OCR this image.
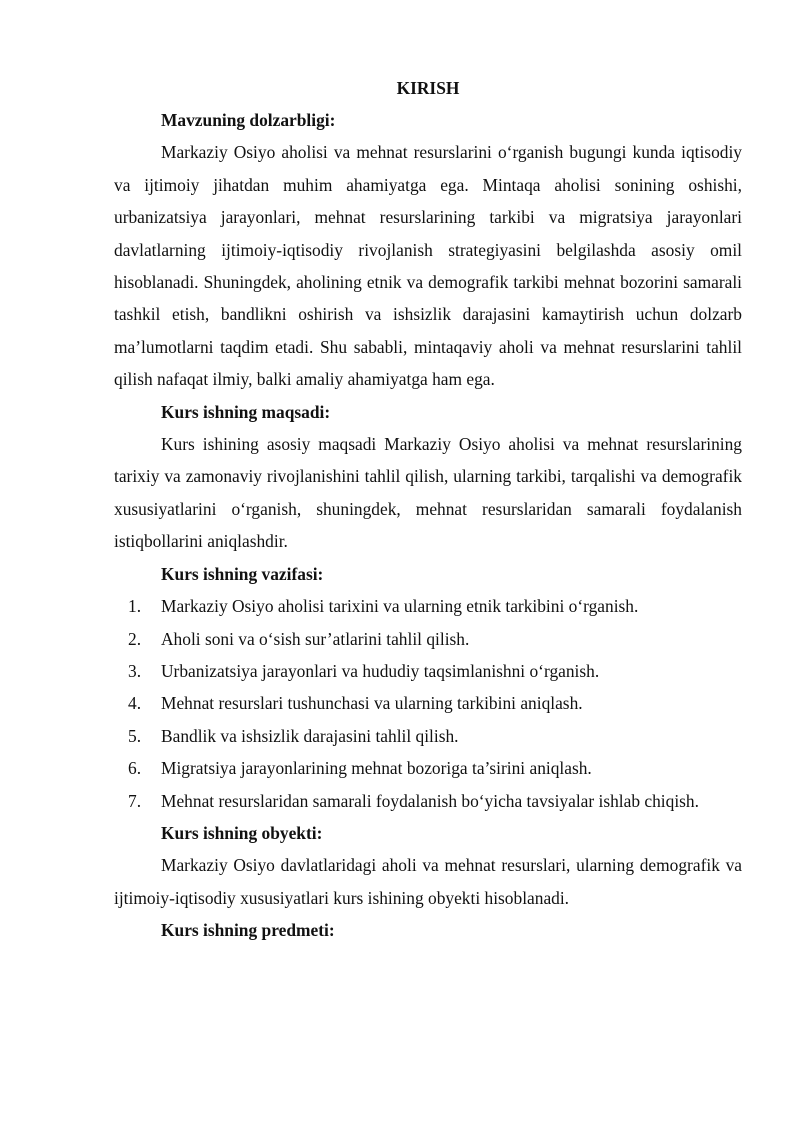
KIRISH
Mavzuning dolzarbligi:

Markaziy Osiyo aholisi va mehnat resurslarini o‘rganish bugungi kunda iqtisodiy va ijtimoiy jihatdan muhim ahamiyatga ega. Mintaqa aholisi sonining oshishi, urbanizatsiya jarayonlari, mehnat resurslarining tarkibi va migratsiya jarayonlari davlatlarning ijtimoiy-iqtisodiy rivojlanish strategiyasini belgilashda asosiy omil hisoblanadi. Shuningdek, aholining etnik va demografik tarkibi mehnat bozorini samarali tashkil etish, bandlikni oshirish va ishsizlik darajasini kamaytirish uchun dolzarb ma’lumotlarni taqdim etadi. Shu sababli, mintaqaviy aholi va mehnat resurslarini tahlil qilish nafaqat ilmiy, balki amaliy ahamiyatga ham ega.

Kurs ishning maqsadi:

Kurs ishining asosiy maqsadi Markaziy Osiyo aholisi va mehnat resurslarining tarixiy va zamonaviy rivojlanishini tahlil qilish, ularning tarkibi, tarqalishi va demografik xususiyatlarini o‘rganish, shuningdek, mehnat resurslaridan samarali foydalanish istiqbollarini aniqlashdir.

Kurs ishning vazifasi:
1. Markaziy Osiyo aholisi tarixini va ularning etnik tarkibini o‘rganish.
2. Aholi soni va o‘sish sur’atlarini tahlil qilish.
3. Urbanizatsiya jarayonlari va hududiy taqsimlanishni o‘rganish.
4. Mehnat resurslari tushunchasi va ularning tarkibini aniqlash.
5. Bandlik va ishsizlik darajasini tahlil qilish.
6. Migratsiya jarayonlarining mehnat bozoriga ta’sirini aniqlash.
7. Mehnat resurslaridan samarali foydalanish bo‘yicha tavsiyalar ishlab chiqish.
Kurs ishning obyekti:

Markaziy Osiyo davlatlaridagi aholi va mehnat resurslari, ularning demografik va ijtimoiy-iqtisodiy xususiyatlari kurs ishining obyekti hisoblanadi.

Kurs ishning predmeti:
